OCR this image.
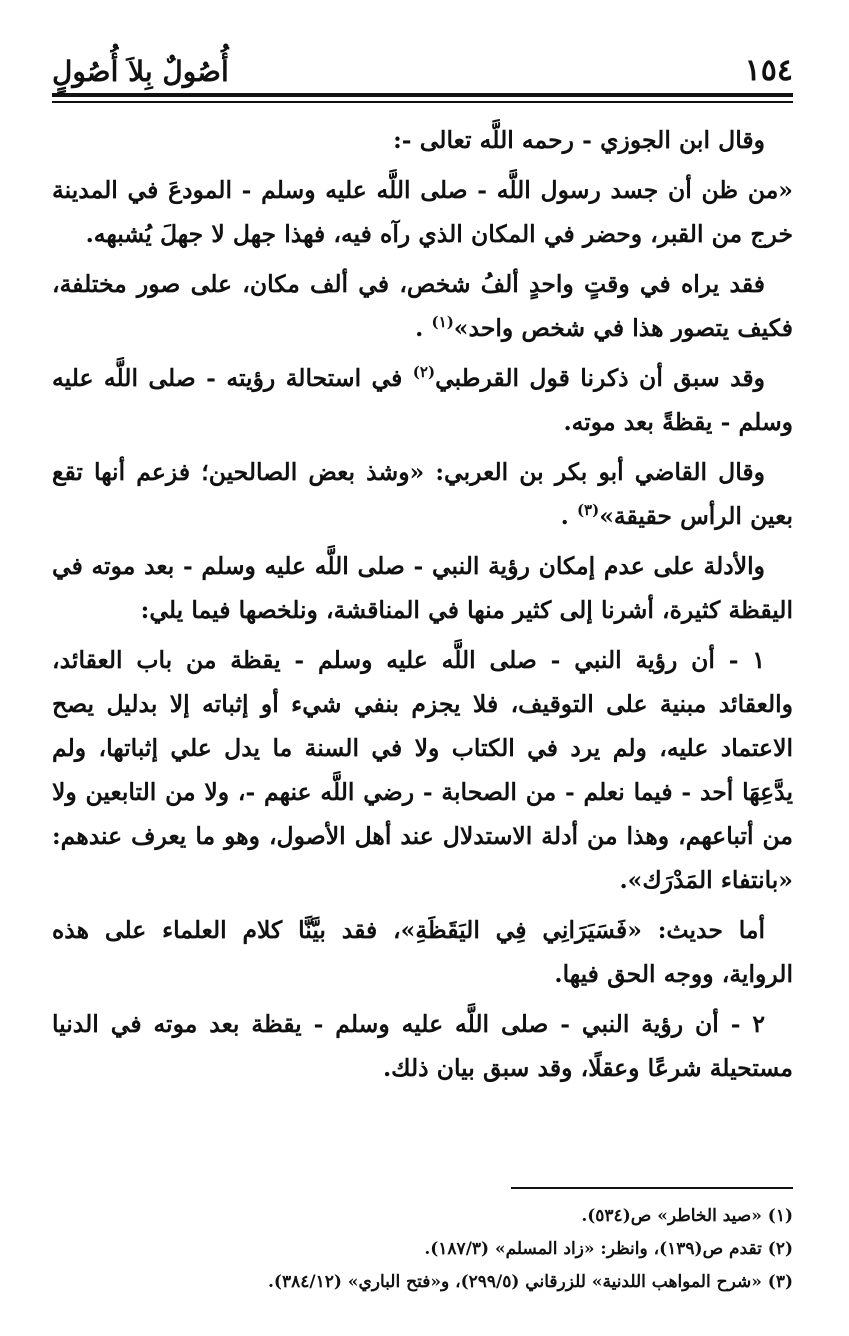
١٥٤
أُصُولٌ بِلاَ أُصُولٍ

وقال ابن الجوزي - رحمه اللَّه تعالى -:

«من ظن أن جسد رسول اللَّه - صلى اللَّه عليه وسلم - المودعَ في المدينة خرج من القبر، وحضر في المكان الذي رآه فيه، فهذا جهل لا جهلَ يُشبهه.

فقد يراه في وقتٍ واحدٍ ألفُ شخص، في ألف مكان، على صور مختلفة، فكيف يتصور هذا في شخص واحد»$^{(١)}$ .

وقد سبق أن ذكرنا قول القرطبي$^{(٢)}$ في استحالة رؤيته - صلى اللَّه عليه وسلم - يقظةً بعد موته.

وقال القاضي أبو بكر بن العربي: «وشذ بعض الصالحين؛ فزعم أنها تقع بعين الرأس حقيقة»$^{(٣)}$ .

والأدلة على عدم إمكان رؤية النبي - صلى اللَّه عليه وسلم - بعد موته في اليقظة كثيرة، أشرنا إلى كثير منها في المناقشة، ونلخصها فيما يلي:

١ - أن رؤية النبي - صلى اللَّه عليه وسلم - يقظة من باب العقائد، والعقائد مبنية على التوقيف، فلا يجزم بنفي شيء أو إثباته إلا بدليل يصح الاعتماد عليه، ولم يرد في الكتاب ولا في السنة ما يدل علي إثباتها، ولم يدَّعِهَا أحد - فيما نعلم - من الصحابة - رضي اللَّه عنهم -، ولا من التابعين ولا من أتباعهم، وهذا من أدلة الاستدلال عند أهل الأصول، وهو ما يعرف عندهم: «بانتفاء المَدْرَك».

أما حديث: «فَسَيَرَانِي فِي اليَقَظَةِ»، فقد بيَّنَّا كلام العلماء على هذه الرواية، ووجه الحق فيها.

٢ - أن رؤية النبي - صلى اللَّه عليه وسلم - يقظة بعد موته في الدنيا مستحيلة شرعًا وعقلًا، وقد سبق بيان ذلك.

(١) «صيد الخاطر» ص(٥٣٤).
(٢) تقدم ص(١٣٩)، وانظر: «زاد المسلم» (١٨٧/٣).
(٣) «شرح المواهب اللدنية» للزرقاني (٢٩٩/٥)، و«فتح الباري» (٣٨٤/١٢).
